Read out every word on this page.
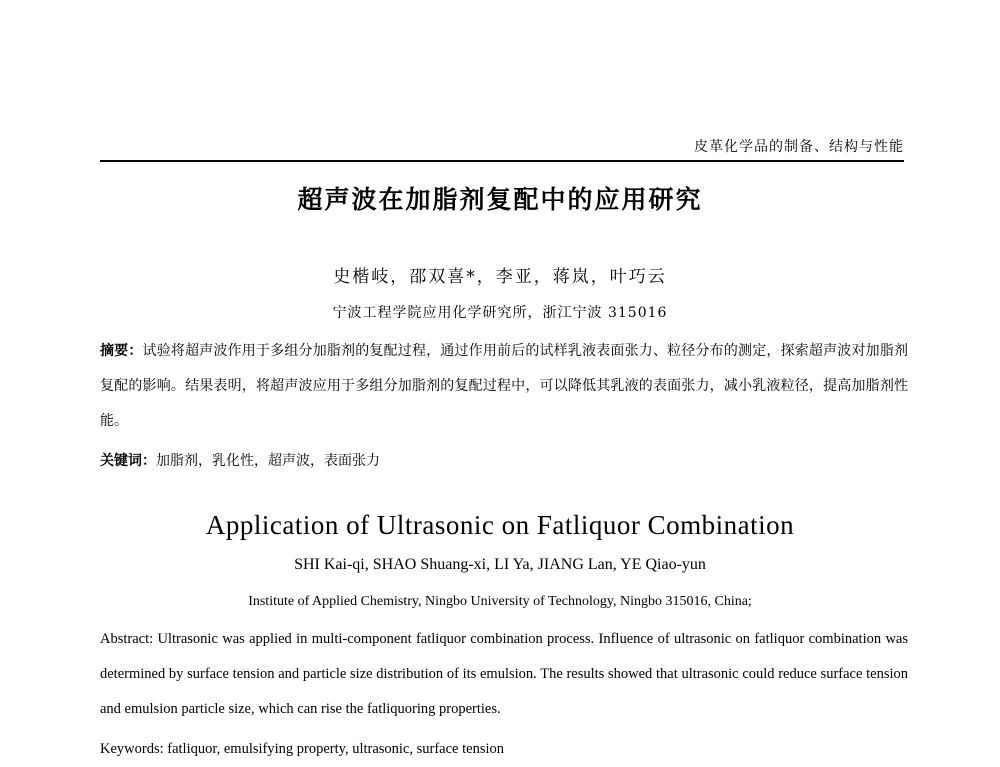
皮革化学品的制备、结构与性能
超声波在加脂剂复配中的应用研究
史楷岐，邵双喜*，李亚，蒋岚，叶巧云
宁波工程学院应用化学研究所，浙江宁波 315016
摘要：试验将超声波作用于多组分加脂剂的复配过程，通过作用前后的试样乳液表面张力、粒径分布的测定，探索超声波对加脂剂复配的影响。结果表明，将超声波应用于多组分加脂剂的复配过程中，可以降低其乳液的表面张力，减小乳液粒径，提高加脂剂性能。
关键词：加脂剂，乳化性，超声波，表面张力
Application of Ultrasonic on Fatliquor Combination
SHI Kai-qi, SHAO Shuang-xi, LI Ya, JIANG Lan, YE Qiao-yun
Institute of Applied Chemistry, Ningbo University of Technology, Ningbo 315016, China;
Abstract: Ultrasonic was applied in multi-component fatliquor combination process. Influence of ultrasonic on fatliquor combination was determined by surface tension and particle size distribution of its emulsion. The results showed that ultrasonic could reduce surface tension and emulsion particle size, which can rise the fatliquoring properties.
Keywords: fatliquor, emulsifying property, ultrasonic, surface tension
